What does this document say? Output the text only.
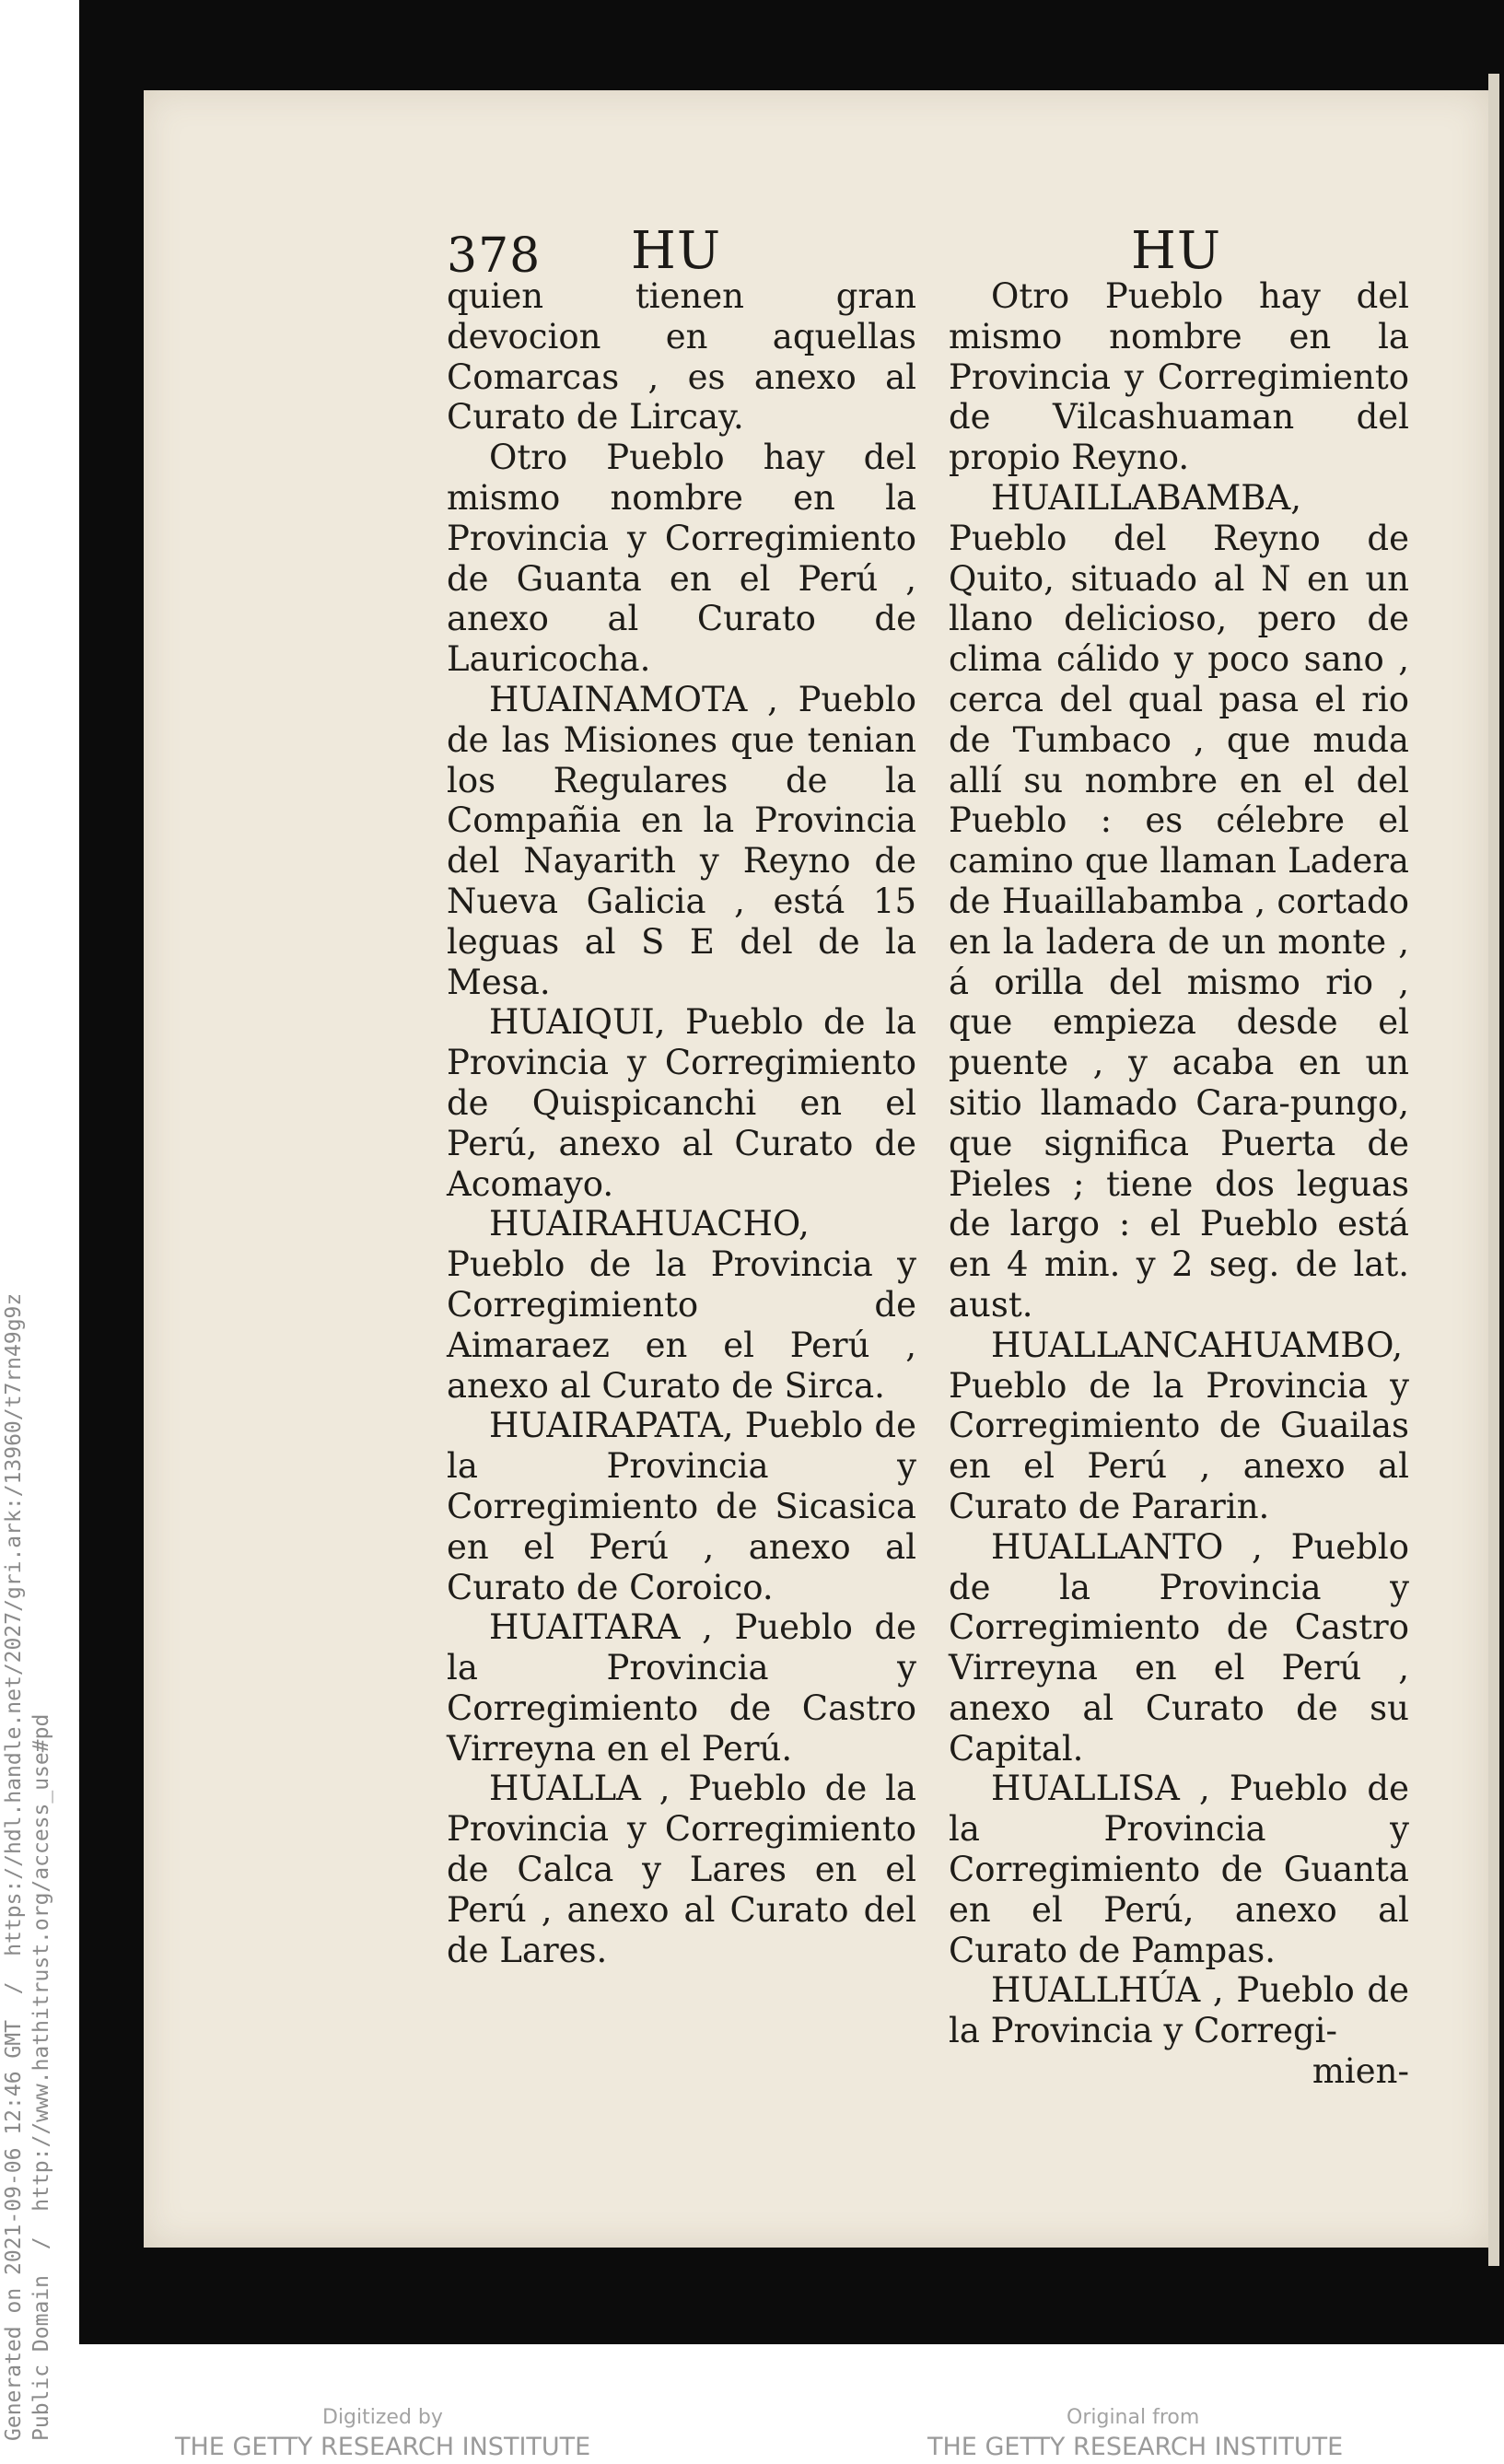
378 HU	HU

quien tienen gran devocion en aquellas Comarcas , es anexo al Curato de Lircay.

Otro Pueblo hay del mismo nombre en la Provincia y Corregimiento de Guanta en el Perú , anexo al Curato de Lauricocha.

HUAINAMOTA , Pueblo de las Misiones que tenian los Regulares de la Compañia en la Provincia del Nayarith y Reyno de Nueva Galicia , está 15 leguas al S E del de la Mesa.

HUAIQUI, Pueblo de la Provincia y Corregimiento de Quispicanchi en el Perú, anexo al Curato de Acomayo.

HUAIRAHUACHO, Pueblo de la Provincia y Corregimiento de Aimaraez en el Perú , anexo al Curato de Sirca.

HUAIRAPATA, Pueblo de la Provincia y Corregimiento de Sicasica en el Perú , anexo al Curato de Coroico.

HUAITARA , Pueblo de la Provincia y Corregimiento de Castro Virreyna en el Perú.

HUALLA , Pueblo de la Provincia y Corregimiento de Calca y Lares en el Perú , anexo al Curato del de Lares.

Otro Pueblo hay del mismo nombre en la Provincia y Corregimiento de Vilcashuaman del propio Reyno.

HUAILLABAMBA, Pueblo del Reyno de Quito, situado al N en un llano delicioso, pero de clima cálido y poco sano , cerca del qual pasa el rio de Tumbaco , que muda allí su nombre en el del Pueblo : es célebre el camino que llaman Ladera de Huaillabamba , cortado en la ladera de un monte , á orilla del mismo rio , que empieza desde el puente , y acaba en un sitio llamado Cara-pungo, que significa Puerta de Pieles ; tiene dos leguas de largo : el Pueblo está en 4 min. y 2 seg. de lat. aust.

HUALLANCAHUAMBO, Pueblo de la Provincia y Corregimiento de Guailas en el Perú , anexo al Curato de Pararin.

HUALLANTO , Pueblo de la Provincia y Corregimiento de Castro Virreyna en el Perú , anexo al Curato de su Capital.

HUALLISA , Pueblo de la Provincia y Corregimiento de Guanta en el Perú, anexo al Curato de Pampas.

HUALLHÚA , Pueblo de la Provincia y Corregi-

mien-

Generated on 2021-09-06 12:46 GMT  /  https://hdl.handle.net/2027/gri.ark:/13960/t7rn49g9z Public Domain  /  http://www.hathitrust.org/access_use#pd	Digitized by
THE GETTY RESEARCH INSTITUTE
Original from
THE GETTY RESEARCH INSTITUTE
